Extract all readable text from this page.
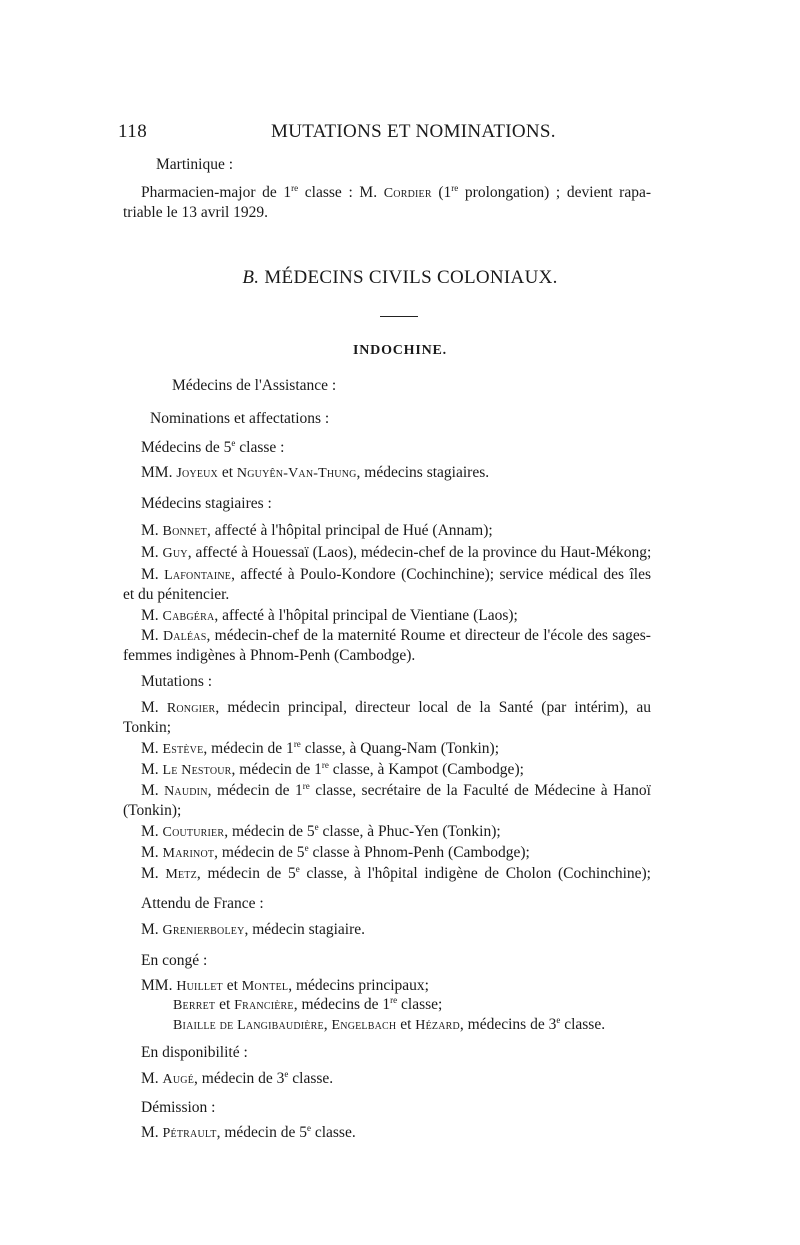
118	MUTATIONS ET NOMINATIONS.
Martinique :
Pharmacien-major de 1re classe : M. Cordier (1re prolongation) ; devient rapa-
triable le 13 avril 1929.
B. MÉDECINS CIVILS COLONIAUX.
INDOCHINE.
Médecins de l'Assistance :
Nominations et affectations :
Médecins de 5e classe :
MM. Joyeux et Nguyên-Van-Thung, médecins stagiaires.
Médecins stagiaires :
M. Bonnet, affecté à l'hôpital principal de Hué (Annam);
M. Guy, affecté à Houessaï (Laos), médecin-chef de la province du Haut-Mékong;
M. Lafontaine, affecté à Poulo-Kondore (Cochinchine); service médical des îles
et du pénitencier.
M. Cabgéra, affecté à l'hôpital principal de Vientiane (Laos);
M. Daléas, médecin-chef de la maternité Roume et directeur de l'école des sages-
femmes indigènes à Phnom-Penh (Cambodge).
Mutations :
M. Rongier, médecin principal, directeur local de la Santé (par intérim), au
Tonkin;
M. Estève, médecin de 1re classe, à Quang-Nam (Tonkin);
M. Le Nestour, médecin de 1re classe, à Kampot (Cambodge);
M. Naudin, médecin de 1re classe, secrétaire de la Faculté de Médecine à Hanoï
(Tonkin);
M. Couturier, médecin de 5e classe, à Phuc-Yen (Tonkin);
M. Marinot, médecin de 5e classe à Phnom-Penh (Cambodge);
M. Metz, médecin de 5e classe, à l'hôpital indigène de Cholon (Cochinchine);
Attendu de France :
M. Grenierboley, médecin stagiaire.
En congé :
MM. Huillet et Montel, médecins principaux;
Berret et Francière, médecins de 1re classe;
Biaille de Langibaudière, Engelbach et Hézard, médecins de 3e classe.
En disponibilité :
M. Augé, médecin de 3e classe.
Démission :
M. Pétrault, médecin de 5e classe.
